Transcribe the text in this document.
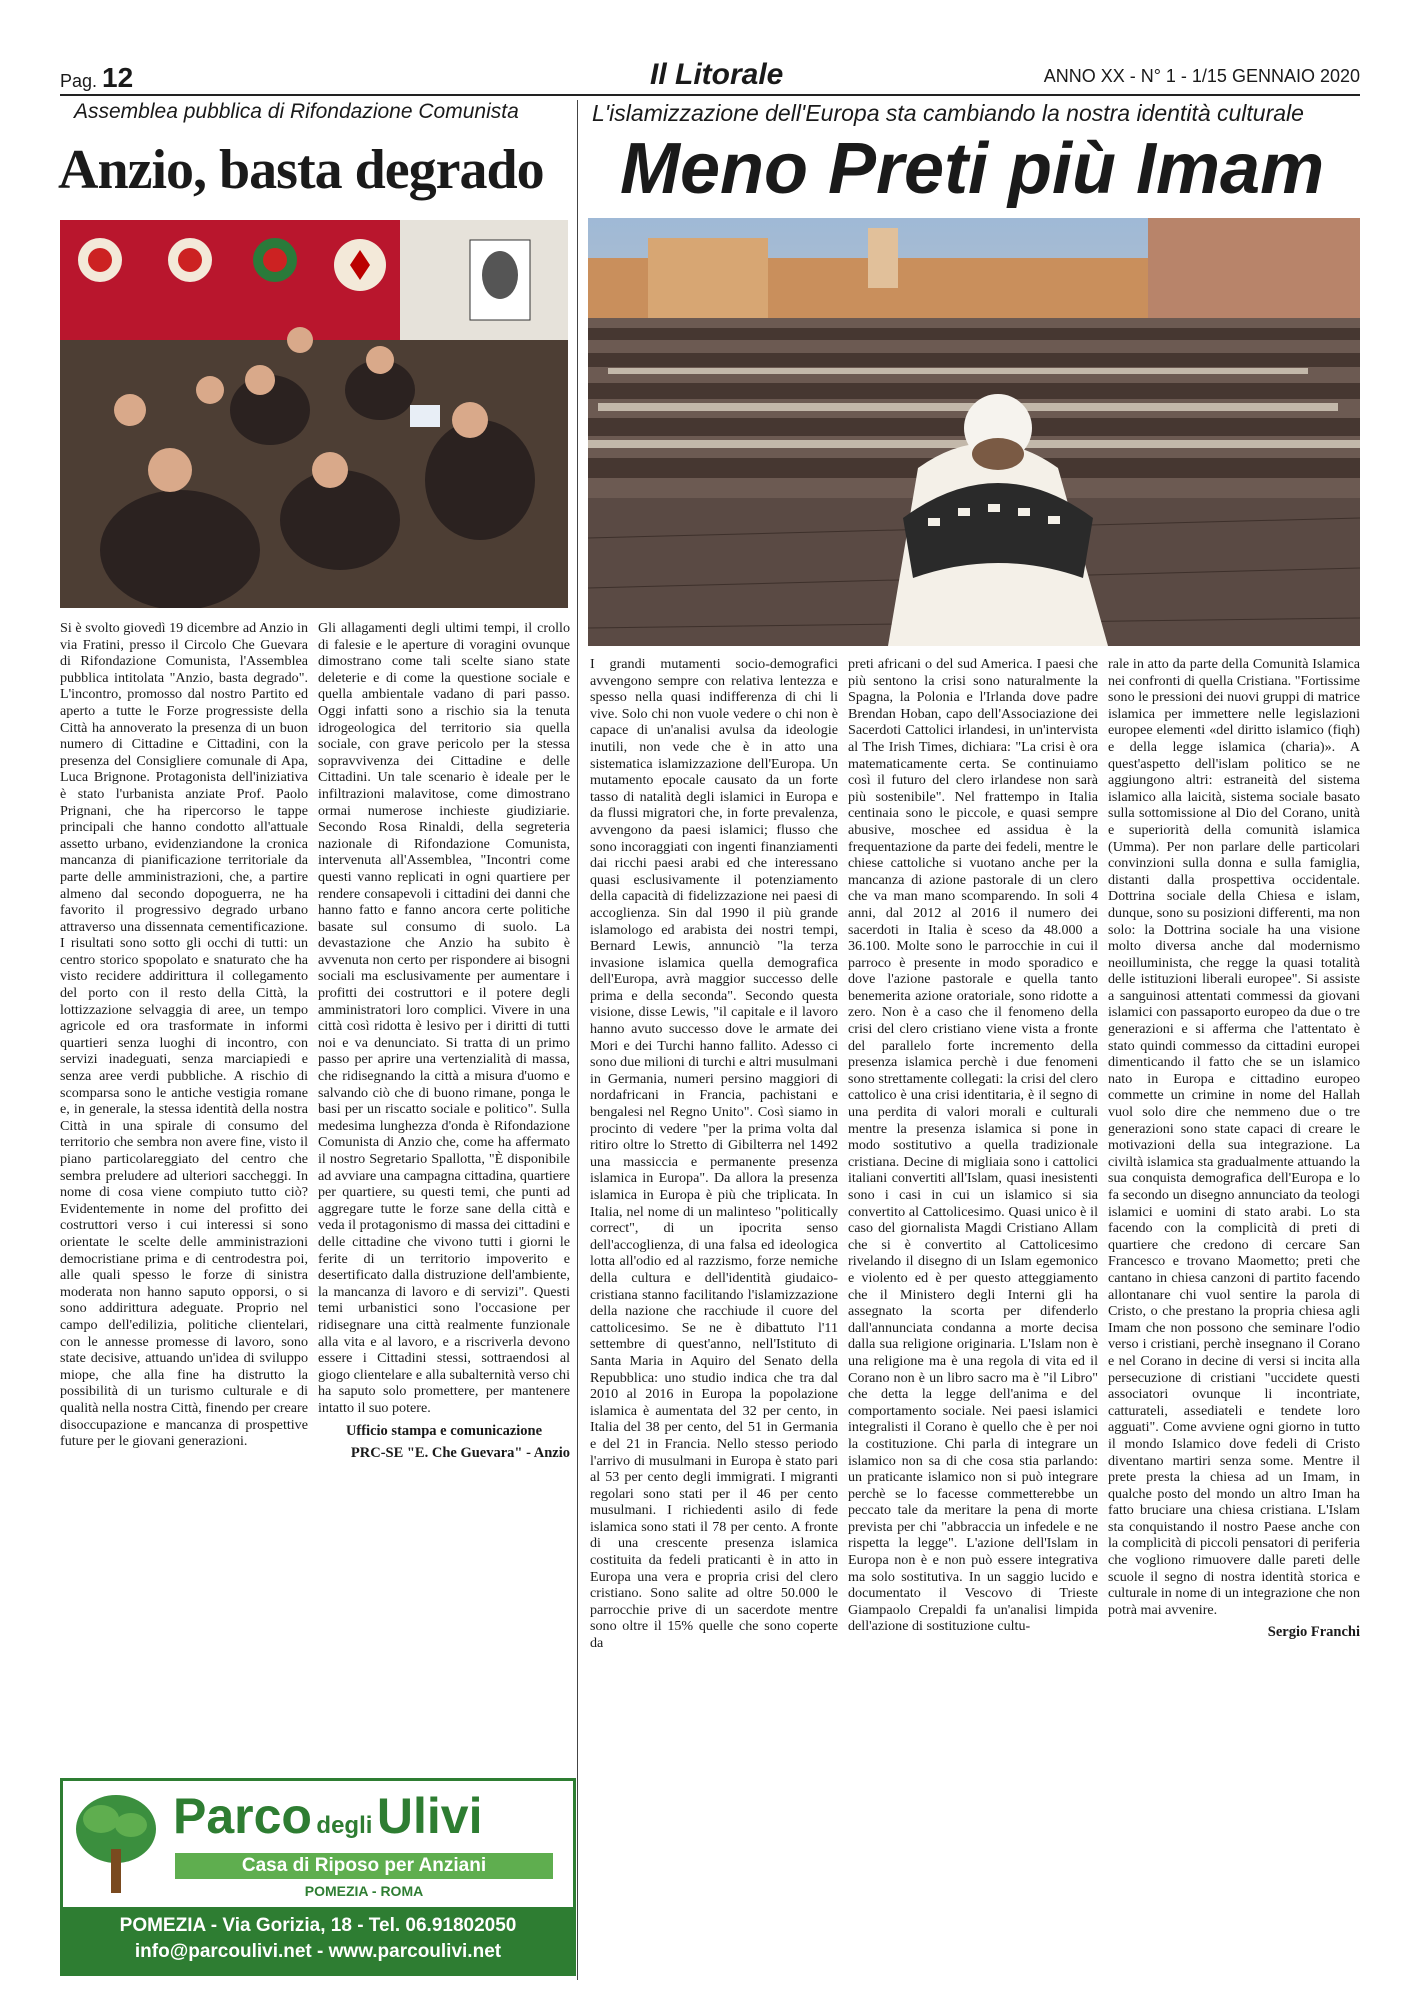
Pag. 12	Il Litorale	ANNO XX - N° 1 - 1/15 GENNAIO 2020
Assemblea pubblica di Rifondazione Comunista
Anzio, basta degrado

Si è svolto giovedì 19 dicembre ad Anzio in via Fratini, presso il Circolo Che Guevara di Rifondazione Comunista, l'Assemblea pubblica intitolata "Anzio, basta degrado". L'incontro, promosso dal nostro Partito ed aperto a tutte le Forze progressiste della Città ha annoverato la presenza di un buon numero di Cittadine e Cittadini, con la presenza del Consigliere comunale di Apa, Luca Brignone. Protagonista dell'iniziativa è stato l'urbanista anziate Prof. Paolo Prignani, che ha ripercorso le tappe principali che hanno condotto all'attuale assetto urbano, evidenziandone la cronica mancanza di pianificazione territoriale da parte delle amministrazioni, che, a partire almeno dal secondo dopoguerra, ne ha favorito il progressivo degrado urbano attraverso una dissennata cementificazione. I risultati sono sotto gli occhi di tutti: un centro storico spopolato e snaturato che ha visto recidere addirittura il collegamento del porto con il resto della Città, la lottizzazione selvaggia di aree, un tempo agricole ed ora trasformate in informi quartieri senza luoghi di incontro, con servizi inadeguati, senza marciapiedi e senza aree verdi pubbliche. A rischio di scomparsa sono le antiche vestigia romane e, in generale, la stessa identità della nostra Città in una spirale di consumo del territorio che sembra non avere fine, visto il piano particolareggiato del centro che sembra preludere ad ulteriori saccheggi. In nome di cosa viene compiuto tutto ciò? Evidentemente in nome del profitto dei costruttori verso i cui interessi si sono orientate le scelte delle amministrazioni democristiane prima e di centrodestra poi, alle quali spesso le forze di sinistra moderata non hanno saputo opporsi, o si sono addirittura adeguate. Proprio nel campo dell'edilizia, politiche clientelari, con le annesse promesse di lavoro, sono state decisive, attuando un'idea di sviluppo miope, che alla fine ha distrutto la possibilità di un turismo culturale e di qualità nella nostra Città, finendo per creare disoccupazione e mancanza di prospettive future per le giovani generazioni.

Gli allagamenti degli ultimi tempi, il crollo di falesie e le aperture di voragini ovunque dimostrano come tali scelte siano state deleterie e di come la questione sociale e quella ambientale vadano di pari passo. Oggi infatti sono a rischio sia la tenuta idrogeologica del territorio sia quella sociale, con grave pericolo per la stessa sopravvivenza dei Cittadine e delle Cittadini. Un tale scenario è ideale per le infiltrazioni malavitose, come dimostrano ormai numerose inchieste giudiziarie. Secondo Rosa Rinaldi, della segreteria nazionale di Rifondazione Comunista, intervenuta all'Assemblea, "Incontri come questi vanno replicati in ogni quartiere per rendere consapevoli i cittadini dei danni che hanno fatto e fanno ancora certe politiche basate sul consumo di suolo. La devastazione che Anzio ha subito è avvenuta non certo per rispondere ai bisogni sociali ma esclusivamente per aumentare i profitti dei costruttori e il potere degli amministratori loro complici. Vivere in una città così ridotta è lesivo per i diritti di tutti noi e va denunciato. Si tratta di un primo passo per aprire una vertenzialità di massa, che ridisegnando la città a misura d'uomo e salvando ciò che di buono rimane, ponga le basi per un riscatto sociale e politico". Sulla medesima lunghezza d'onda è Rifondazione Comunista di Anzio che, come ha affermato il nostro Segretario Spallotta, "È disponibile ad avviare una campagna cittadina, quartiere per quartiere, su questi temi, che punti ad aggregare tutte le forze sane della città e veda il protagonismo di massa dei cittadini e delle cittadine che vivono tutti i giorni le ferite di un territorio impoverito e desertificato dalla distruzione dell'ambiente, la mancanza di lavoro e di servizi". Questi temi urbanistici sono l'occasione per ridisegnare una città realmente funzionale alla vita e al lavoro, e a riscriverla devono esserе i Cittadini stessi, sottraendosi al giogo clientelare e alla subalternità verso chi ha saputo solo promettere, per mantenere intatto il suo potere.

Ufficio stampa e comunicazione
PRC-SE "E. Che Guevara" - Anzio
Parco degli Ulivi
Casa di Riposo per Anziani
POMEZIA - ROMA
POMEZIA - Via Gorizia, 18 - Tel. 06.91802050
info@parcoulivi.net - www.parcoulivi.net
L'islamizzazione dell'Europa sta cambiando la nostra identità culturale
Meno Preti più Imam

I grandi mutamenti socio-demografici avvengono sempre con relativa lentezza e spesso nella quasi indifferenza di chi li vive. Solo chi non vuole vedere o chi non è capace di un'analisi avulsa da ideologie inutili, non vede che è in atto una sistematica islamizzazione dell'Europa. Un mutamento epocale causato da un forte tasso di natalità degli islamici in Europa e da flussi migratori che, in forte prevalenza, avvengono da paesi islamici; flusso che sono incoraggiati con ingenti finanziamenti dai ricchi paesi arabi ed che interessano quasi esclusivamente il potenziamento della capacità di fidelizzazione nei paesi di accoglienza. Sin dal 1990 il più grande islamologo ed arabista dei nostri tempi, Bernard Lewis, annunciò "la terza invasione islamica quella demografica dell'Europa, avrà maggior successo delle prima e della seconda". Secondo questa visione, disse Lewis, "il capitale e il lavoro hanno avuto successo dove le armate dei Mori e dei Turchi hanno fallito. Adesso ci sono due milioni di turchi e altri musulmani in Germania, numeri persino maggiori di nordafricani in Francia, pachistani e bengalesi nel Regno Unito". Così siamo in procinto di vedere "per la prima volta dal ritiro oltre lo Stretto di Gibilterra nel 1492 una massiccia e permanente presenza islamica in Europa". Da allora la presenza islamica in Europa è più che triplicata. In Italia, nel nome di un malinteso "politically correct", di un ipocrita senso dell'accoglienza, di una falsa ed ideologica lotta all'odio ed al razzismo, forze nemiche della cultura e dell'identità giudaico-cristiana stanno facilitando l'islamizzazione della nazione che racchiude il cuore del cattolicesimo. Se ne è dibattuto l'11 settembre di quest'anno, nell'Istituto di Santa Maria in Aquiro del Senato della Repubblica: uno studio indica che tra dal 2010 al 2016 in Europa la popolazione islamica è aumentata del 32 per cento, in Italia del 38 per cento, del 51 in Germania e del 21 in Francia. Nello stesso periodo l'arrivo di musulmani in Europa è stato pari al 53 per cento degli immigrati. I migranti regolari sono stati per il 46 per cento musulmani. I richiedenti asilo di fede islamica sono stati il 78 per cento. A fronte di una crescente presenza islamica costituita da fedeli praticanti è in atto in Europa una vera e propria crisi del clero cristiano. Sono salite ad oltre 50.000 le parrocchie prive di un sacerdote mentre sono oltre il 15% quelle che sono coperte da

preti africani o del sud America. I paesi che più sentono la crisi sono naturalmente la Spagna, la Polonia e l'Irlanda dove padre Brendan Hoban, capo dell'Associazione dei Sacerdoti Cattolici irlandesi, in un'intervista al The Irish Times, dichiara: "La crisi è ora matematicamente certa. Se continuiamo così il futuro del clero irlandese non sarà più sostenibile". Nel frattempo in Italia centinaia sono le piccole, e quasi sempre abusive, moschee ed assidua è la frequentazione da parte dei fedeli, mentre le chiese cattoliche si vuotano anche per la mancanza di azione pastorale di un clero che va man mano scomparendo. In soli 4 anni, dal 2012 al 2016 il numero dei sacerdoti in Italia è sceso da 48.000 a 36.100. Molte sono le parrocchie in cui il parroco è presente in modo sporadico e dove l'azione pastorale e quella tanto benemerita azione oratoriale, sono ridotte a zero. Non è a caso che il fenomeno della crisi del clero cristiano viene vista a fronte del parallelo forte incremento della presenza islamica perchè i due fenomeni sono strettamente collegati: la crisi del clero cattolico è una crisi identitaria, è il segno di una perdita di valori morali e culturali mentre la presenza islamica si pone in modo sostitutivo a quella tradizionale cristiana. Decine di migliaia sono i cattolici italiani convertiti all'Islam, quasi inesistenti sono i casi in cui un islamico si sia convertito al Cattolicesimo. Quasi unico è il caso del giornalista Magdi Cristiano Allam che si è convertito al Cattolicesimo rivelando il disegno di un Islam egemonico e violento ed è per questo atteggiamento che il Ministero degli Interni gli ha assegnato la scorta per difenderlo dall'annunciata condanna a morte decisa dalla sua religione originaria. L'Islam non è una religione ma è una regola di vita ed il Corano non è un libro sacro ma è "il Libro" che detta la legge dell'anima e del comportamento sociale. Nei paesi islamici integralisti il Corano è quello che è per noi la costituzione. Chi parla di integrare un islamico non sa di che cosa stia parlando: un praticante islamico non si può integrare perchè se lo facesse commetterebbe un peccato tale da meritare la pena di morte prevista per chi "abbraccia un infedele e ne rispetta la legge". L'azione dell'Islam in Europa non è e non può essere integrativa ma solo sostitutiva. In un saggio lucido e documentato il Vescovo di Trieste Giampaolo Crepaldi fa un'analisi limpida dell'azione di sostituzione cultu-

rale in atto da parte della Comunità Islamica nei confronti di quella Cristiana. "Fortissime sono le pressioni dei nuovi gruppi di matrice islamica per immettere nelle legislazioni europee elementi «del diritto islamico (fiqh) e della legge islamica (charia)». A quest'aspetto dell'islam politico se ne aggiungono altri: estraneità del sistema islamico alla laicità, sistema sociale basato sulla sottomissione al Dio del Corano, unità e superiorità della comunità islamica (Umma). Per non parlare delle particolari convinzioni sulla donna e sulla famiglia, distanti dalla prospettiva occidentale. Dottrina sociale della Chiesa e islam, dunque, sono su posizioni differenti, ma non solo: la Dottrina sociale ha una visione molto diversa anche dal modernismo neoilluminista, che regge la quasi totalità delle istituzioni liberali europee". Si assiste a sanguinosi attentati commessi da giovani islamici con passaporto europeo da due o tre generazioni e si afferma che l'attentato è stato quindi commesso da cittadini europei dimenticando il fatto che se un islamico nato in Europa e cittadino europeo commette un crimine in nome del Hallah vuol solo dire che nemmeno due o tre generazioni sono state capaci di creare le motivazioni della sua integrazione. La civiltà islamica sta gradualmente attuando la sua conquista demografica dell'Europa e lo fa secondo un disegno annunciato da teologi islamici e uomini di stato arabi. Lo sta facendo con la complicità di preti di quartiere che credono di cercare San Francesco e trovano Maometto; preti che cantano in chiesa canzoni di partito facendo allontanare chi vuol sentire la parola di Cristo, o che prestano la propria chiesa agli Imam che non possono che seminare l'odio verso i cristiani, perchè insegnano il Corano e nel Corano in decine di versi si incita alla persecuzione di cristiani "uccidete questi associatori ovunque li incontriate, catturateli, assediateli e tendete loro agguati". Come avviene ogni giorno in tutto il mondo Islamico dove fedeli di Cristo diventano martiri senza some. Mentre il prete presta la chiesa ad un Imam, in qualche posto del mondo un altro Iman ha fatto bruciare una chiesa cristiana. L'Islam sta conquistando il nostro Paese anche con la complicità di piccoli pensatori di periferia che vogliono rimuovere dalle pareti delle scuole il segno di nostra identità storica e culturale in nome di un integrazione che non potrà mai avvenire.

Sergio Franchi
